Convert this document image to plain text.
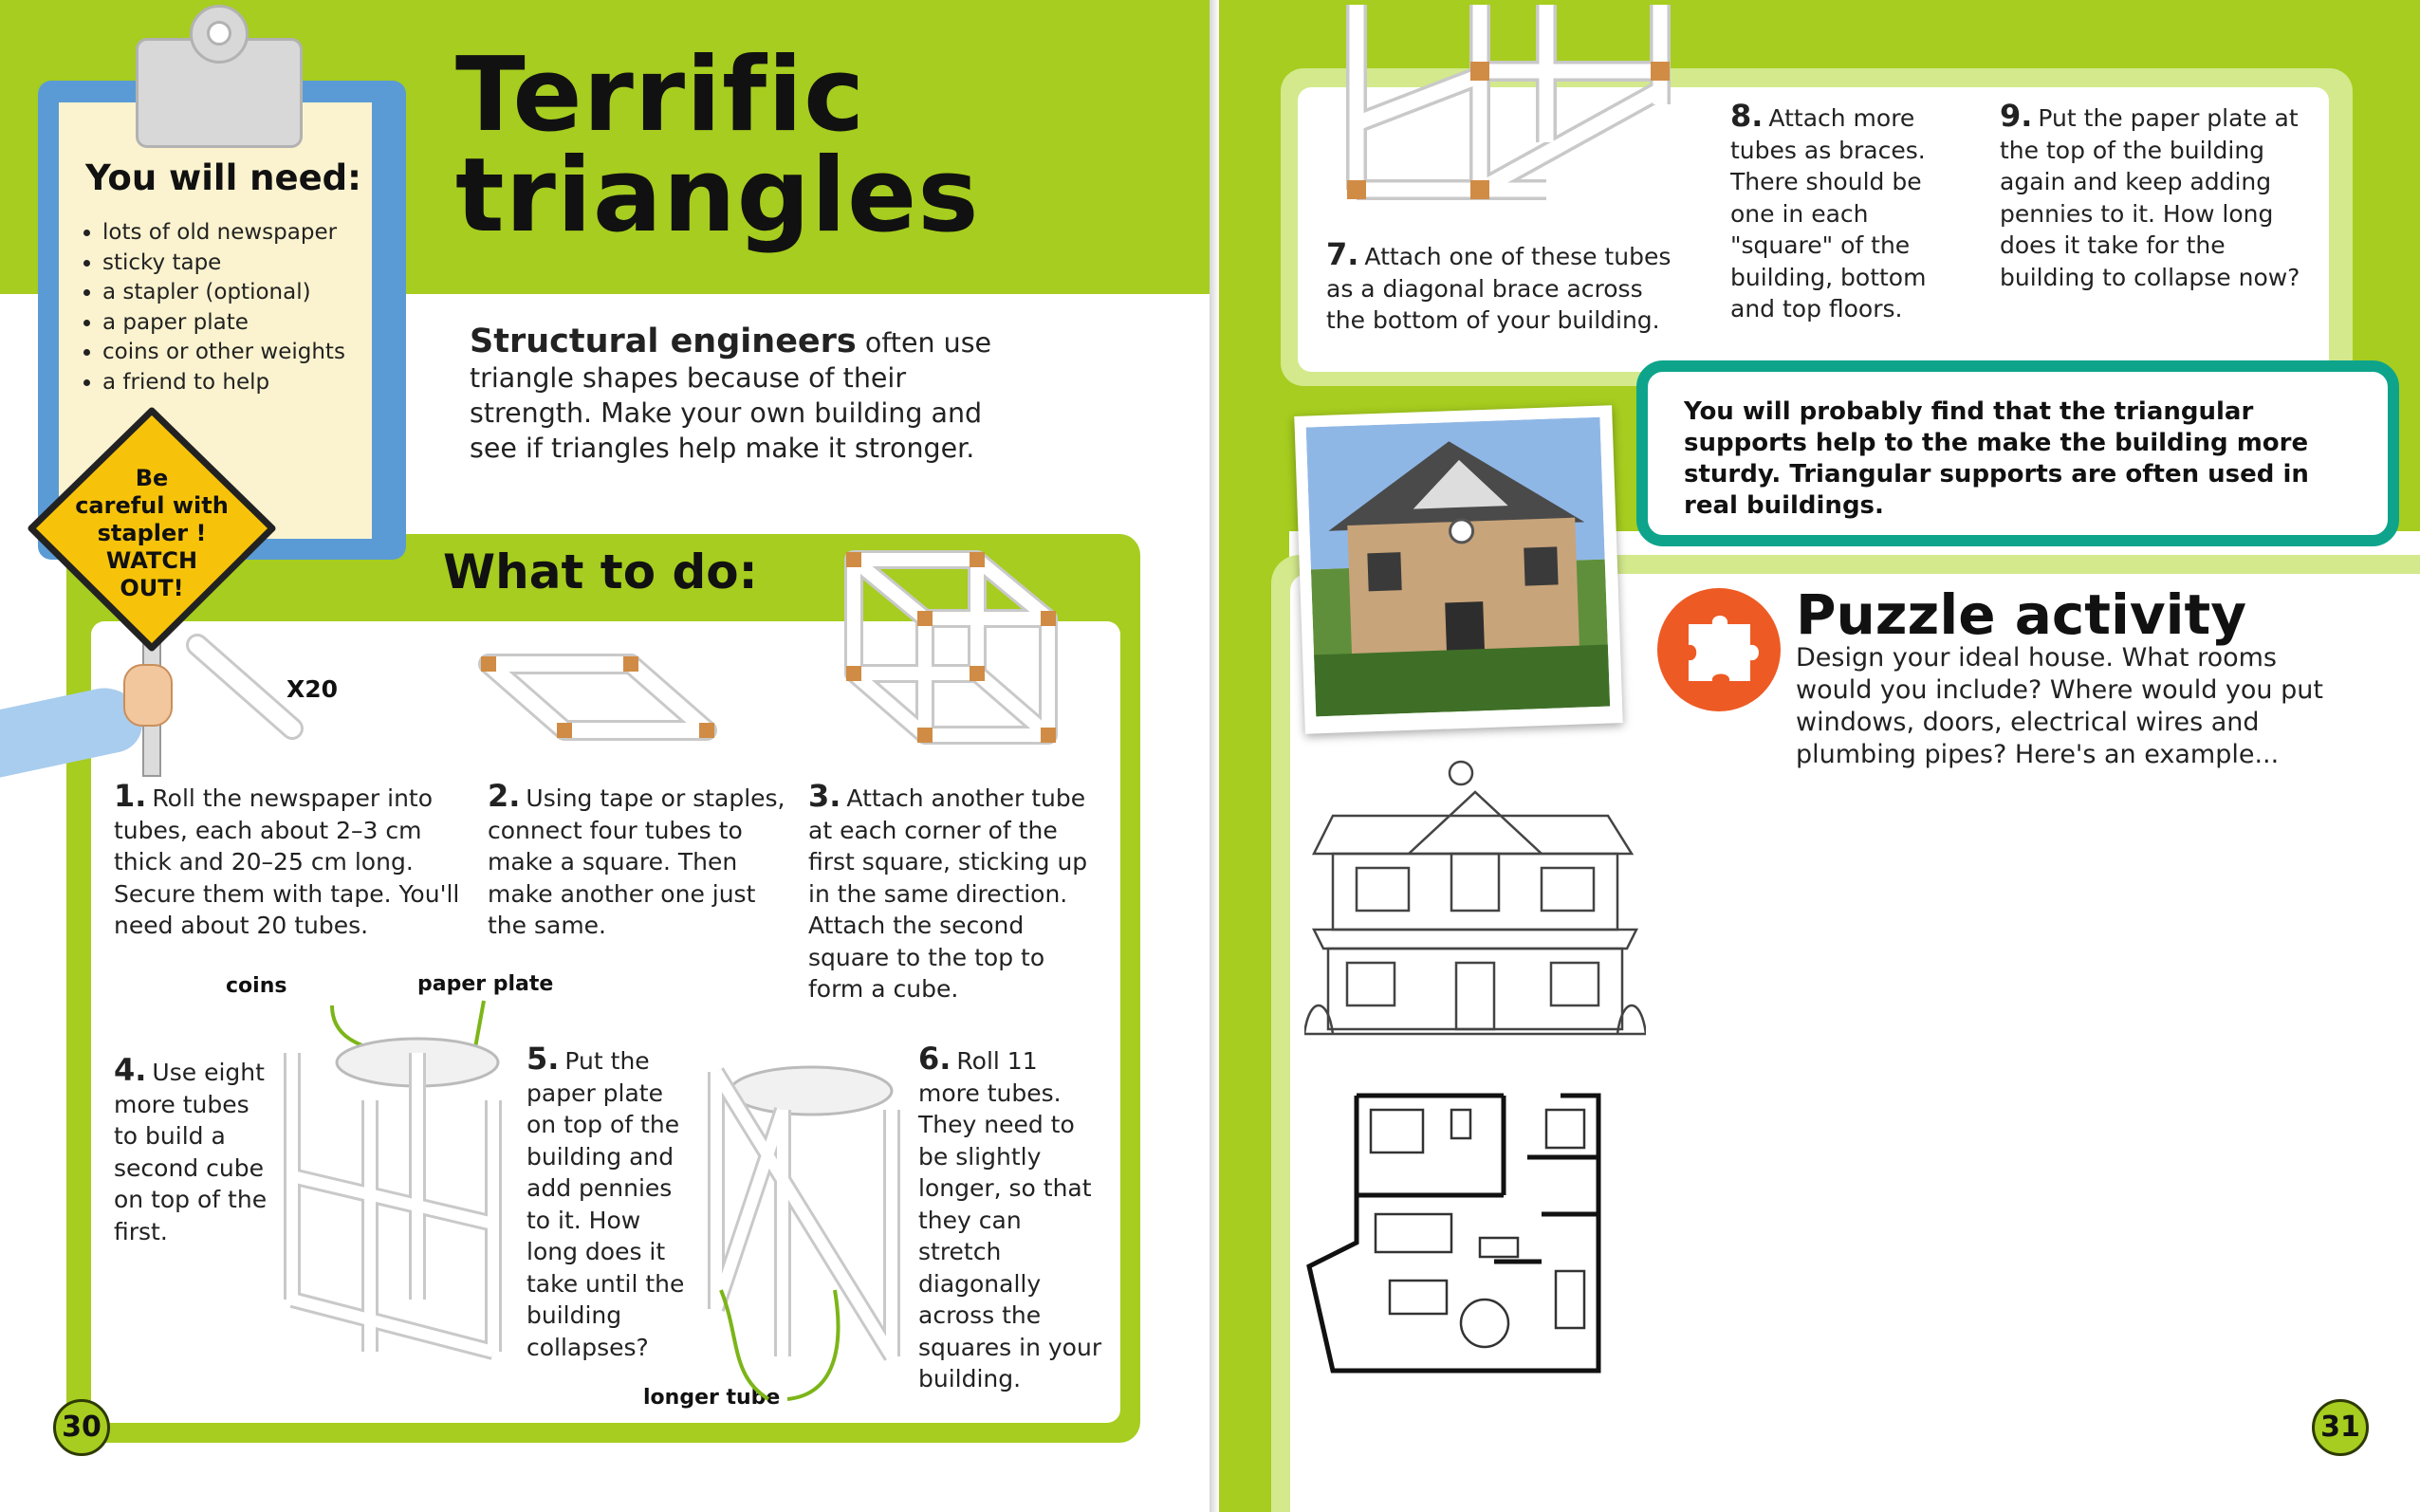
You will need:
• lots of old newspaper
• sticky tape
• a stapler (optional)
• a paper plate
• coins or other weights
• a friend to help
Be
careful with
stapler !
WATCH
OUT!
Terrific
triangles
Structural engineers often use triangle shapes because of their strength. Make your own building and see if triangles help make it stronger.
What to do:
X20
1. Roll the newspaper into tubes, each about 2–3 cm thick and 20–25 cm long. Secure them with tape. You'll need about 20 tubes.
2. Using tape or staples, connect four tubes to make a square. Then make another one just the same.
3. Attach another tube at each corner of the first square, sticking up in the same direction. Attach the second square to the top to form a cube.
coins	paper plate
longer tube
4. Use eight more tubes to build a second cube on top of the first.
5. Put the paper plate on top of the building and add pennies to it. How long does it take until the building collapses?
6. Roll 11 more tubes. They need to be slightly longer, so that they can stretch diagonally across the squares in your building.
30
7. Attach one of these tubes as a diagonal brace across the bottom of your building.
8. Attach more tubes as braces. There should be one in each "square" of the building, bottom and top floors.
9. Put the paper plate at the top of the building again and keep adding pennies to it. How long does it take for the building to collapse now?
You will probably find that the triangular supports help to the make the building more sturdy. Triangular supports are often used in real buildings.
Puzzle activity
Design your ideal house. What rooms would you include? Where would you put windows, doors, electrical wires and plumbing pipes? Here's an example...
31
